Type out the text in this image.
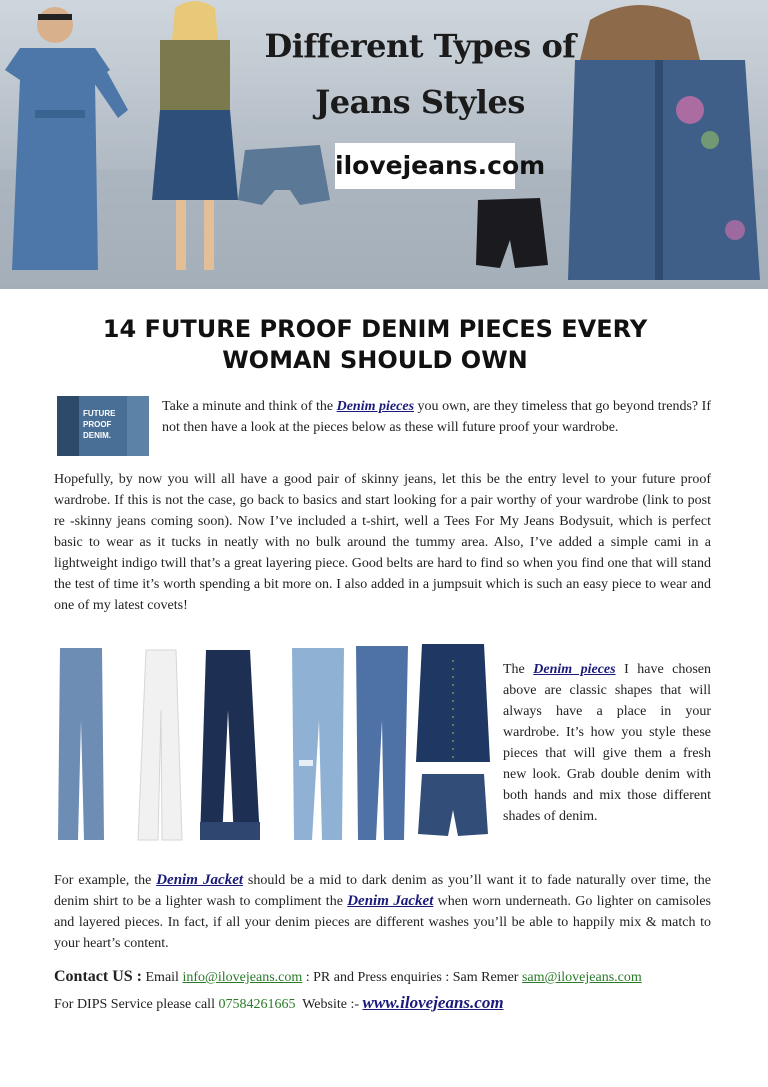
Different Types of
Jeans Styles
ilovejeans.com
14 FUTURE PROOF DENIM PIECES EVERY
WOMAN SHOULD OWN
FUTURE
PROOF
DENIM.

Take a minute and think of the Denim pieces you own, are they timeless that go beyond trends? If not then have a look at the pieces below as these will future proof your wardrobe.

Hopefully, by now you will all have a good pair of skinny jeans, let this be the entry level to your future proof wardrobe. If this is not the case, go back to basics and start looking for a pair worthy of your wardrobe (link to post re -skinny jeans coming soon). Now I’ve included a t-shirt, well a Tees For My Jeans Bodysuit, which is perfect basic to wear as it tucks in neatly with no bulk around the tummy area. Also, I’ve added a simple cami in a lightweight indigo twill that’s a great layering piece. Good belts are hard to find so when you find one that will stand the test of time it’s worth spending a bit more on. I also added in a jumpsuit which is such an easy piece to wear and one of my latest covets!

The Denim pieces I have chosen above are classic shapes that will always have a place in your wardrobe. It’s how you style these pieces that will give them a fresh new look. Grab double denim with both hands and mix those different shades of denim.

For example, the Denim Jacket should be a mid to dark denim as you’ll want it to fade naturally over time, the denim shirt to be a lighter wash to compliment the Denim Jacket when worn underneath. Go lighter on camisoles and layered pieces. In fact, if all your denim pieces are different washes you’ll be able to happily mix & match to your heart’s content.

Contact US : Email info@ilovejeans.com : PR and Press enquiries : Sam Remer sam@ilovejeans.com
For DIPS Service please call 07584261665  Website :- www.ilovejeans.com
